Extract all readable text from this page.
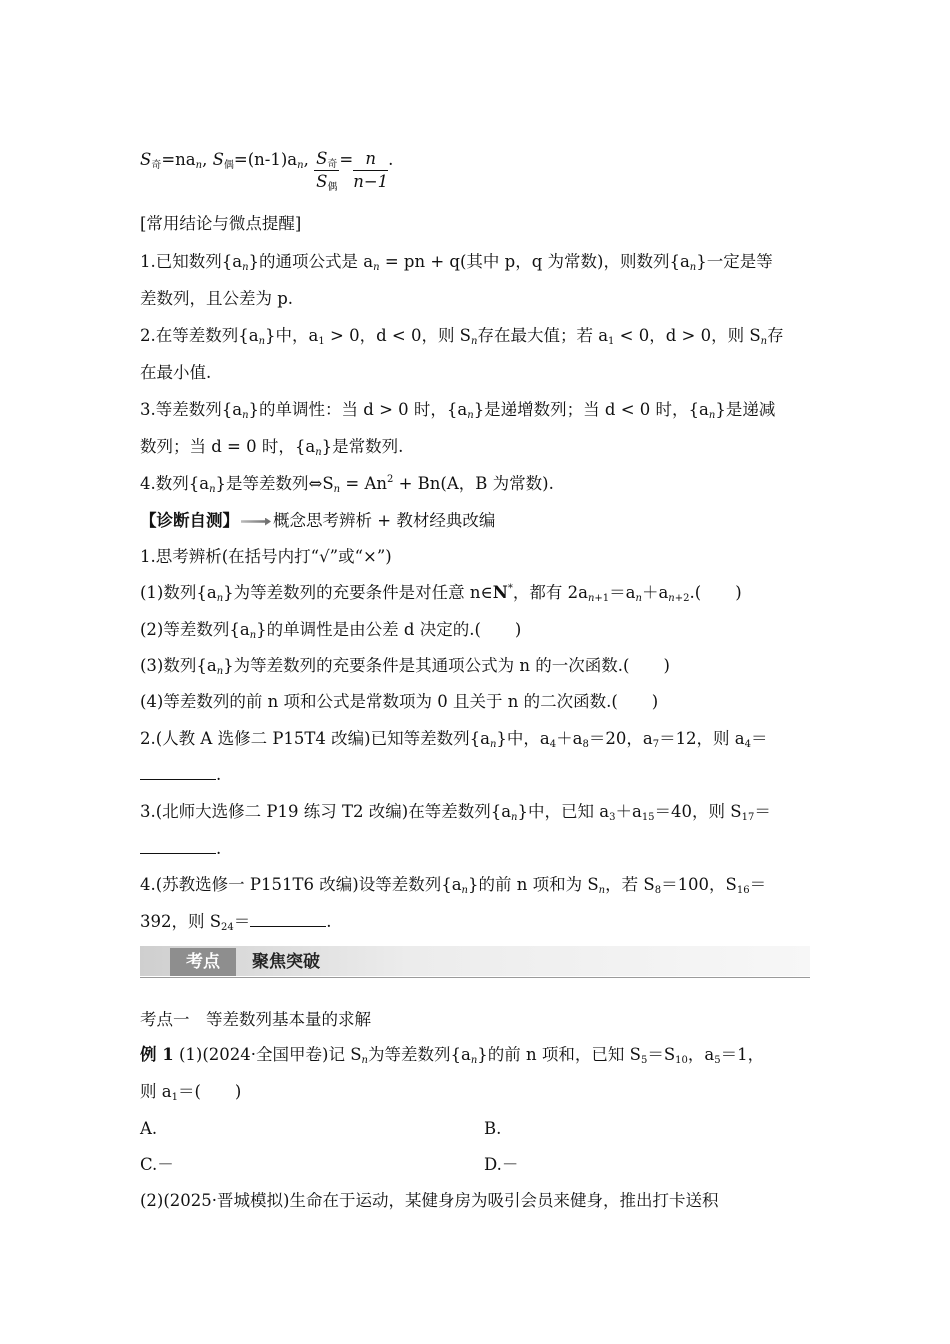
$S_奇=na_n$, $S_偶=(n-1)a_n$, $\frac{S_奇}{S_偶} = \frac{n}{n-1}$ .
[常用结论与微点提醒]
1.已知数列$\{a_n\}$的通项公式是 $a_n$ = pn + q(其中 p，q 为常数)，则数列$\{a_n\}$一定是等
差数列，且公差为 p.
2.在等差数列$\{a_n\}$中，$a_1 > 0$，d < 0，则 $S_n$存在最大值；若 $a_1 < 0$，d > 0，则 $S_n$存
在最小值.
3.等差数列$\{a_n\}$的单调性：当 d > 0 时，$\{a_n\}$是递增数列；当 d < 0 时，$\{a_n\}$是递减
数列；当 d = 0 时，$\{a_n\}$是常数列.
4.数列$\{a_n\}$是等差数列$\Leftrightarrow S_n = An^2 + Bn(A$，B 为常数).
【诊断自测】 概念思考辨析 + 教材经典改编
1.思考辨析(在括号内打“√”或“×”)
(1)数列$\{a_n\}$为等差数列的充要条件是对任意 n∈N*，都有 $2a_{n+1}=a_n+a_{n+2}$.( )
(2)等差数列$\{a_n\}$的单调性是由公差 d 决定的.( )
(3)数列$\{a_n\}$为等差数列的充要条件是其通项公式为 n 的一次函数.( )
(4)等差数列的前 n 项和公式是常数项为 0 且关于 n 的二次函数.( )
2.(人教 A 选修二 P15T4 改编)已知等差数列$\{a_n\}$中，$a_4+a_8=20$，$a_7=12$，则 $a_4=$
.
3.(北师大选修二 P19 练习 T2 改编)在等差数列$\{a_n\}$中，已知 $a_3+a_{15}=40$，则 $S_{17}=$
.
4.(苏教选修一 P151T6 改编)设等差数列$\{a_n\}$的前 n 项和为 $S_n$，若 $S_8=100$，$S_{16}=$
392，则 $S_{24}=$	.
考点	聚焦突破
考点一　等差数列基本量的求解
例 1 (1)(2024·全国甲卷)记 $S_n$为等差数列$\{a_n\}$的前 n 项和，已知 $S_5=S_{10}$，$a_5=1$，
则 $a_1=$( )
A.	B.
C.－	D.－
(2)(2025·晋城模拟)生命在于运动，某健身房为吸引会员来健身，推出打卡送积
